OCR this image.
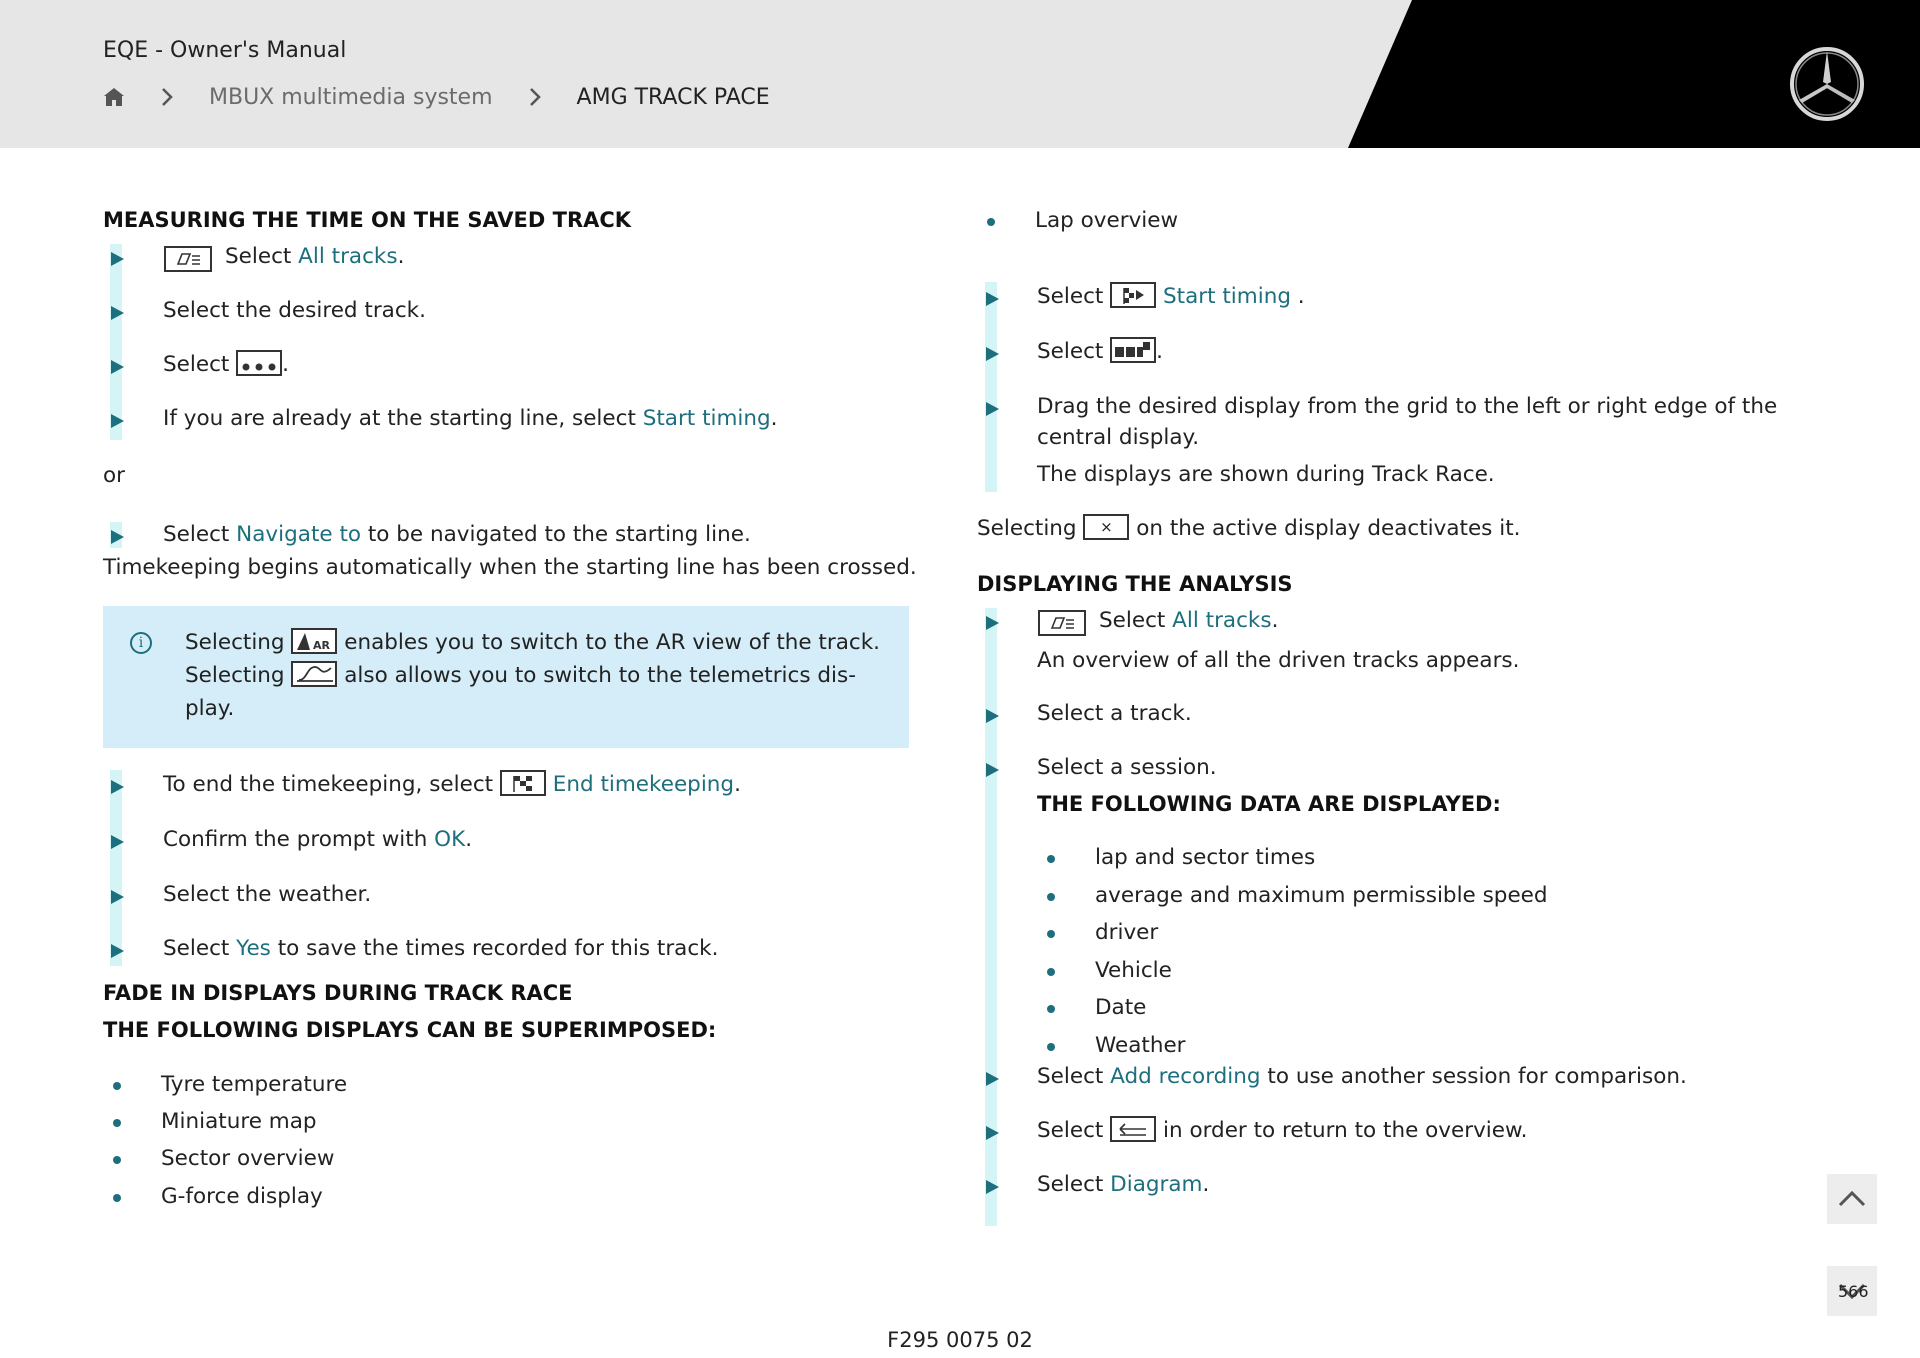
EQE - Owner's Manual
MBUX multimedia system	AMG TRACK PACE
MEASURING THE TIME ON THE SAVED TRACK
Select All tracks.
Select the desired track.
Select .
If you are already at the starting line, select Start timing.
or
Select Navigate to to be navigated to the starting line.
Timekeeping begins automatically when the starting line has been crossed.
i	Selecting AR enables you to switch to the AR view of the track.
Selecting  also allows you to switch to the telemetrics dis-
play.
To end the timekeeping, select  End timekeeping.
Confirm the prompt with OK.
Select the weather.
Select Yes to save the times recorded for this track.
FADE IN DISPLAYS DURING TRACK RACE
THE FOLLOWING DISPLAYS CAN BE SUPERIMPOSED:
Tyre temperature
Miniature map
Sector overview
G-force display
Lap overview
Select  Start timing .
Select .
Drag the desired display from the grid to the left or right edge of the
central display.
The displays are shown during Track Race.
Selecting × on the active display deactivates it.
DISPLAYING THE ANALYSIS
Select All tracks.
An overview of all the driven tracks appears.
Select a track.
Select a session.
THE FOLLOWING DATA ARE DISPLAYED:
lap and sector times
average and maximum permissible speed
driver
Vehicle
Date
Weather
Select Add recording to use another session for comparison.
Select  in order to return to the overview.
Select Diagram.
566
F295 0075 02
